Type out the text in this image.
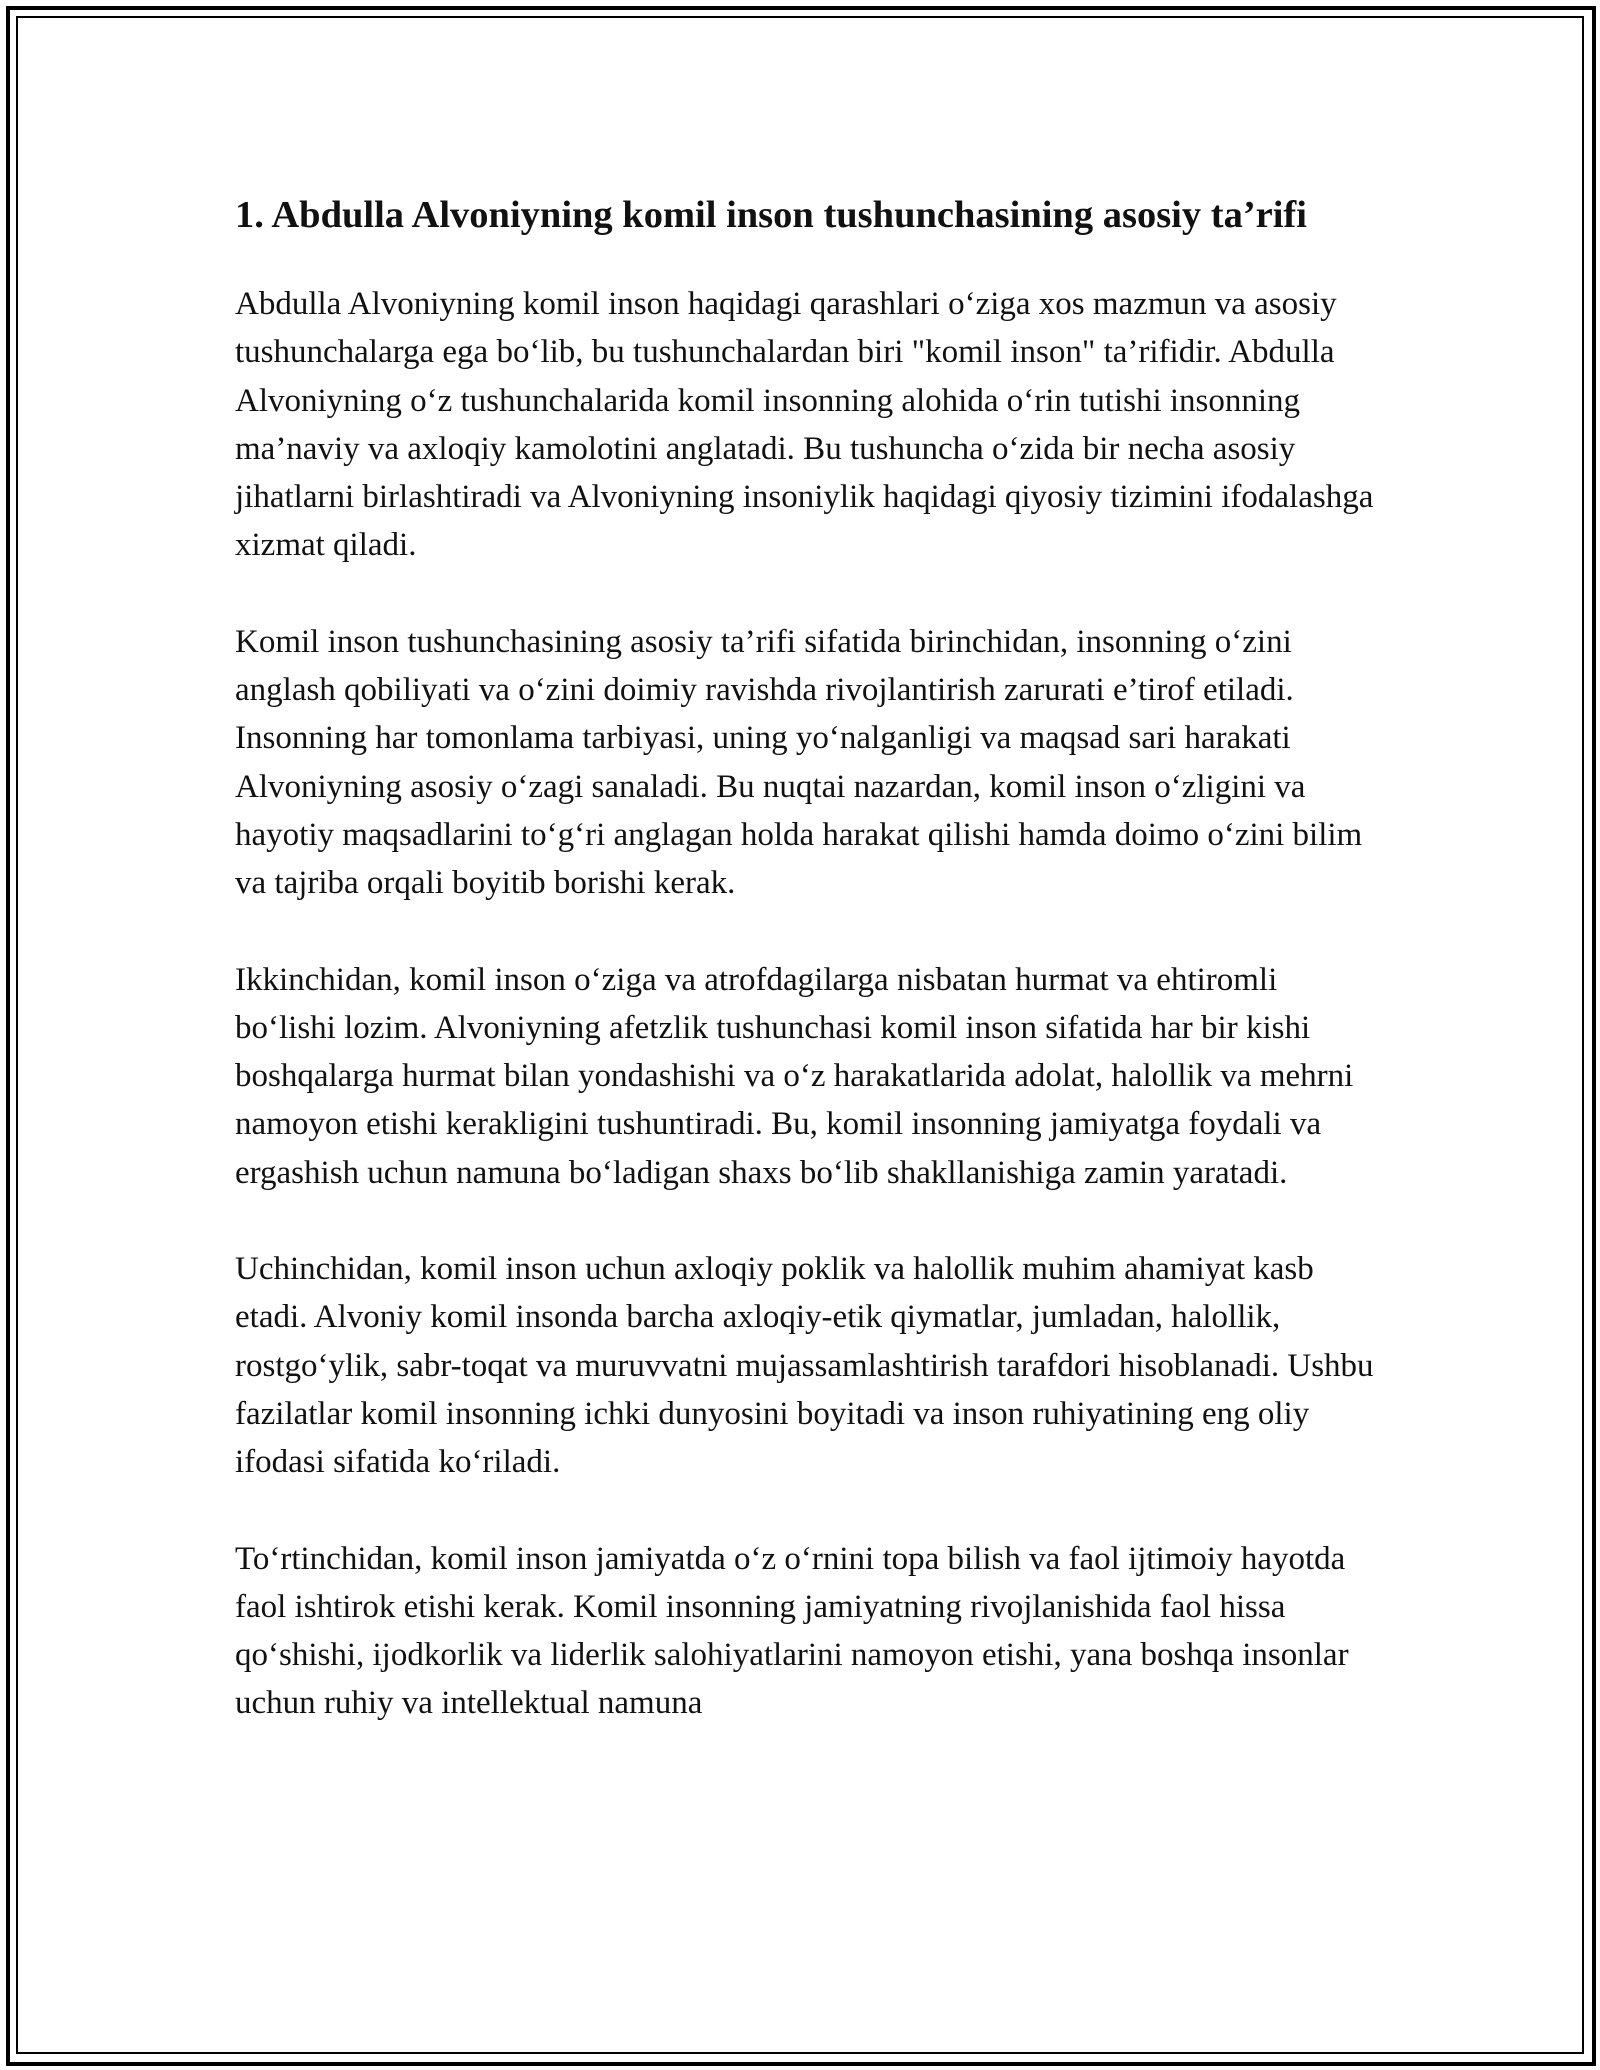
1. Abdulla Alvoniyning komil inson tushunchasining asosiy ta’rifi

Abdulla Alvoniyning komil inson haqidagi qarashlari o‘ziga xos mazmun va asosiy tushunchalarga ega bo‘lib, bu tushunchalardan biri "komil inson" ta’rifidir. Abdulla Alvoniyning o‘z tushunchalarida komil insonning alohida o‘rin tutishi insonning ma’naviy va axloqiy kamolotini anglatadi. Bu tushuncha o‘zida bir necha asosiy jihatlarni birlashtiradi va Alvoniyning insoniylik haqidagi qiyosiy tizimini ifodalashga xizmat qiladi.

Komil inson tushunchasining asosiy ta’rifi sifatida birinchidan, insonning o‘zini anglash qobiliyati va o‘zini doimiy ravishda rivojlantirish zarurati e’tirof etiladi. Insonning har tomonlama tarbiyasi, uning yo‘nalganligi va maqsad sari harakati Alvoniyning asosiy o‘zagi sanaladi. Bu nuqtai nazardan, komil inson o‘zligini va hayotiy maqsadlarini to‘g‘ri anglagan holda harakat qilishi hamda doimo o‘zini bilim va tajriba orqali boyitib borishi kerak.

Ikkinchidan, komil inson o‘ziga va atrofdagilarga nisbatan hurmat va ehtiromli bo‘lishi lozim. Alvoniyning afetzlik tushunchasi komil inson sifatida har bir kishi boshqalarga hurmat bilan yondashishi va o‘z harakatlarida adolat, halollik va mehrni namoyon etishi kerakligini tushuntiradi. Bu, komil insonning jamiyatga foydali va ergashish uchun namuna bo‘ladigan shaxs bo‘lib shakllanishiga zamin yaratadi.

Uchinchidan, komil inson uchun axloqiy poklik va halollik muhim ahamiyat kasb etadi. Alvoniy komil insonda barcha axloqiy-etik qiymatlar, jumladan, halollik, rostgo‘ylik, sabr-toqat va muruvvatni mujassamlashtirish tarafdori hisoblanadi. Ushbu fazilatlar komil insonning ichki dunyosini boyitadi va inson ruhiyatining eng oliy ifodasi sifatida ko‘riladi.

To‘rtinchidan, komil inson jamiyatda o‘z o‘rnini topa bilish va faol ijtimoiy hayotda faol ishtirok etishi kerak. Komil insonning jamiyatning rivojlanishida faol hissa qo‘shishi, ijodkorlik va liderlik salohiyatlarini namoyon etishi, yana boshqa insonlar uchun ruhiy va intellektual namuna
